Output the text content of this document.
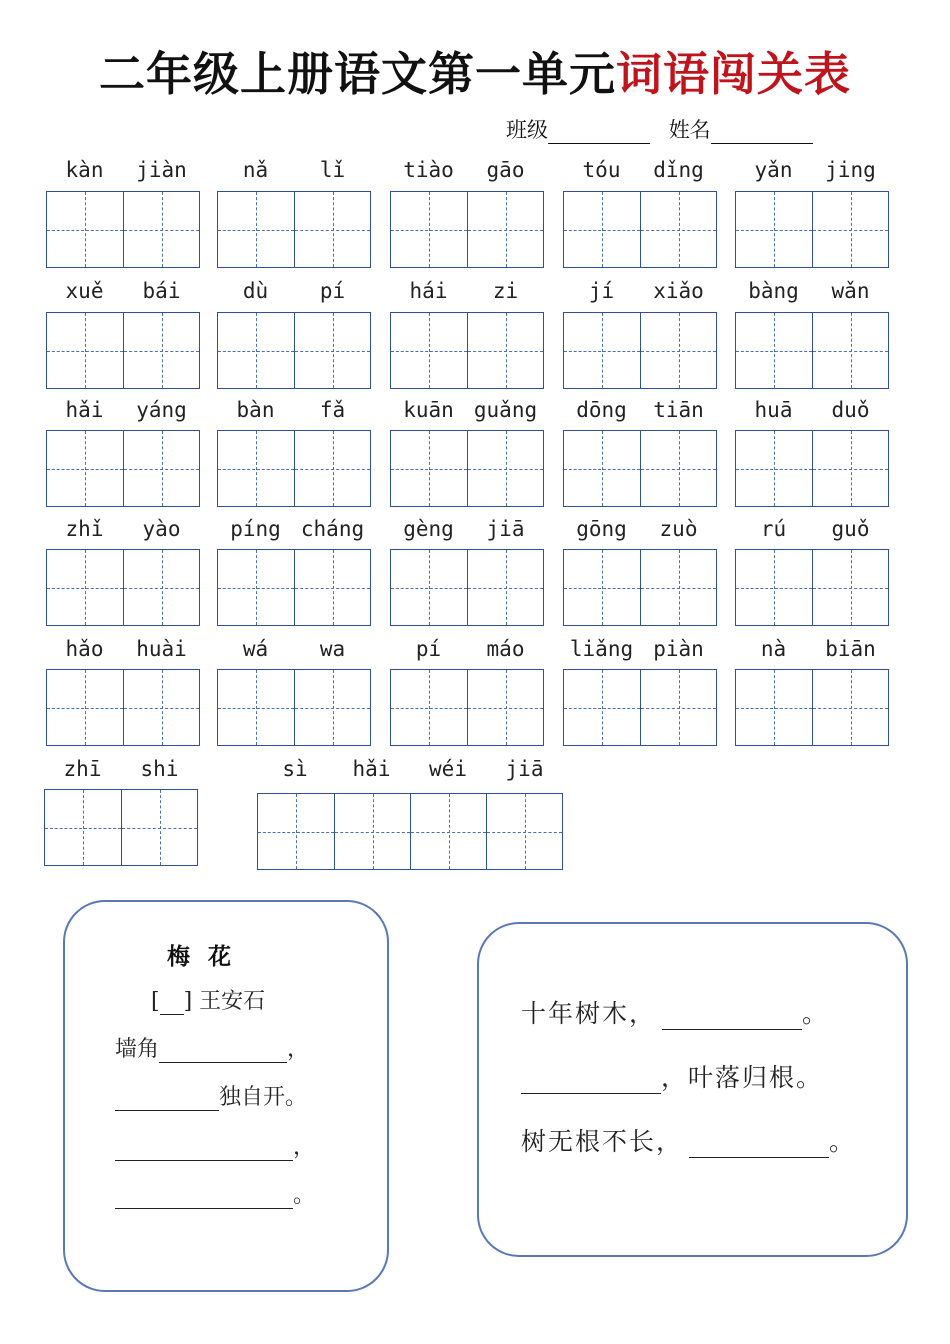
二年级上册语文第一单元词语闯关表
班级	姓名
kàn	jiàn	nǎ	lǐ	tiào	gāo	tóu	dǐng	yǎn	jing
xuě	bái	dù	pí	hái	zi	jí	xiǎo	bàng	wǎn
hǎi	yáng	bàn	fǎ	kuān guǎng	dōng	tiān	huā	duǒ
zhǐ	yào	píng cháng	gèng	jiā	gōng	zuò	rú	guǒ
hǎo	huài	wá	wa	pí	máo	liǎng piàn	nà	biān
zhī	shi	sì	hǎi	wéi	jiā
梅花
[ ] 王安石
墙角	，
独自开。
，
。
十年树木，	。
，叶落归根。
树无根不长，	。
